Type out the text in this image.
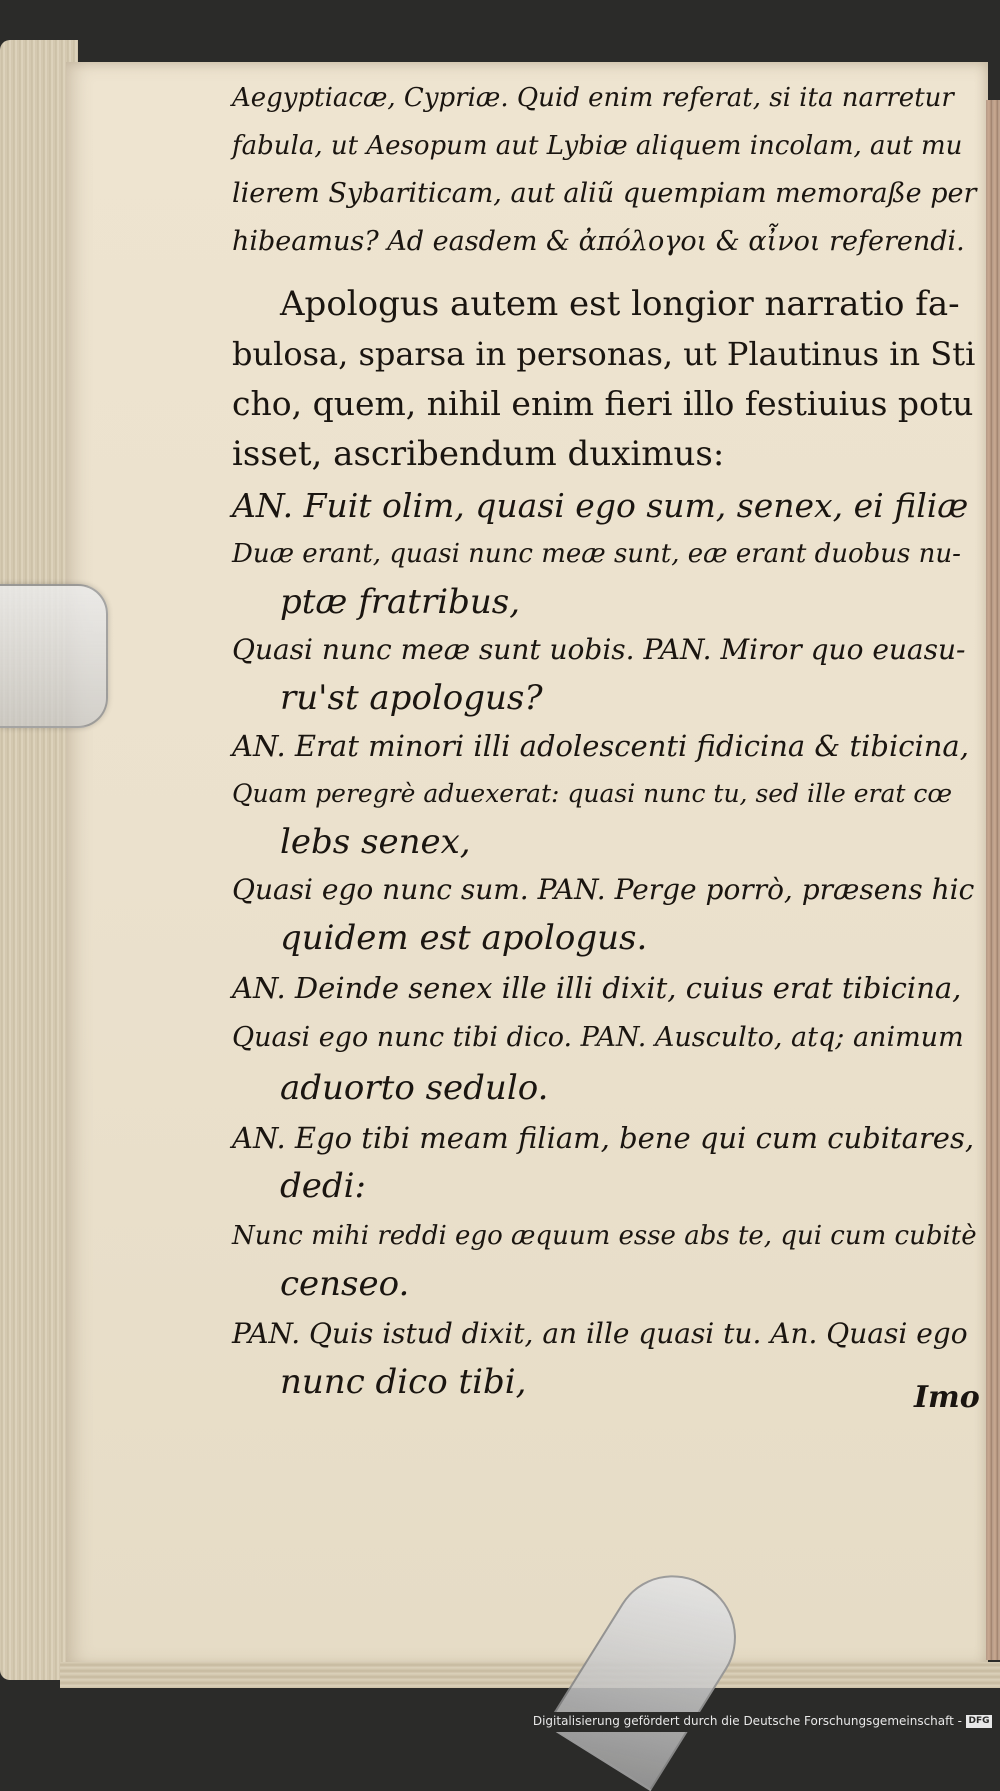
Aegyptiacæ, Cypriæ. Quid enim referat, si ita narretur
fabula, ut Aesopum aut Lybiæ aliquem incolam, aut mu
lierem Sybariticam, aut aliũ quempiam memoraße per
hibeamus? Ad easdem & ἀπόλογοι & αἶνοι referendi.
Apologus autem est longior narratio fa-
bulosa, sparsa in personas, ut Plautinus in Sti
cho, quem, nihil enim fieri illo festiuius potu
isset, ascribendum duximus:
AN. Fuit olim, quasi ego sum, senex, ei filiæ
Duæ erant, quasi nunc meæ sunt, eæ erant duobus nu-
ptæ fratribus,
Quasi nunc meæ sunt uobis. PAN. Miror quo euasu-
ru'st apologus?
AN. Erat minori illi adolescenti fidicina & tibicina,
Quam peregrè aduexerat: quasi nunc tu, sed ille erat cœ
lebs senex,
Quasi ego nunc sum. PAN. Perge porrò, præsens hic
quidem est apologus.
AN. Deinde senex ille illi dixit, cuius erat tibicina,
Quasi ego nunc tibi dico. PAN. Ausculto, atq; animum
aduorto sedulo.
AN. Ego tibi meam filiam, bene qui cum cubitares,
dedi:
Nunc mihi reddi ego æquum esse abs te, qui cum cubitè
censeo.
PAN. Quis istud dixit, an ille quasi tu. An. Quasi ego
nunc dico tibi,	Imo
Digitalisierung gefördert durch die Deutsche Forschungsgemeinschaft - DFG
